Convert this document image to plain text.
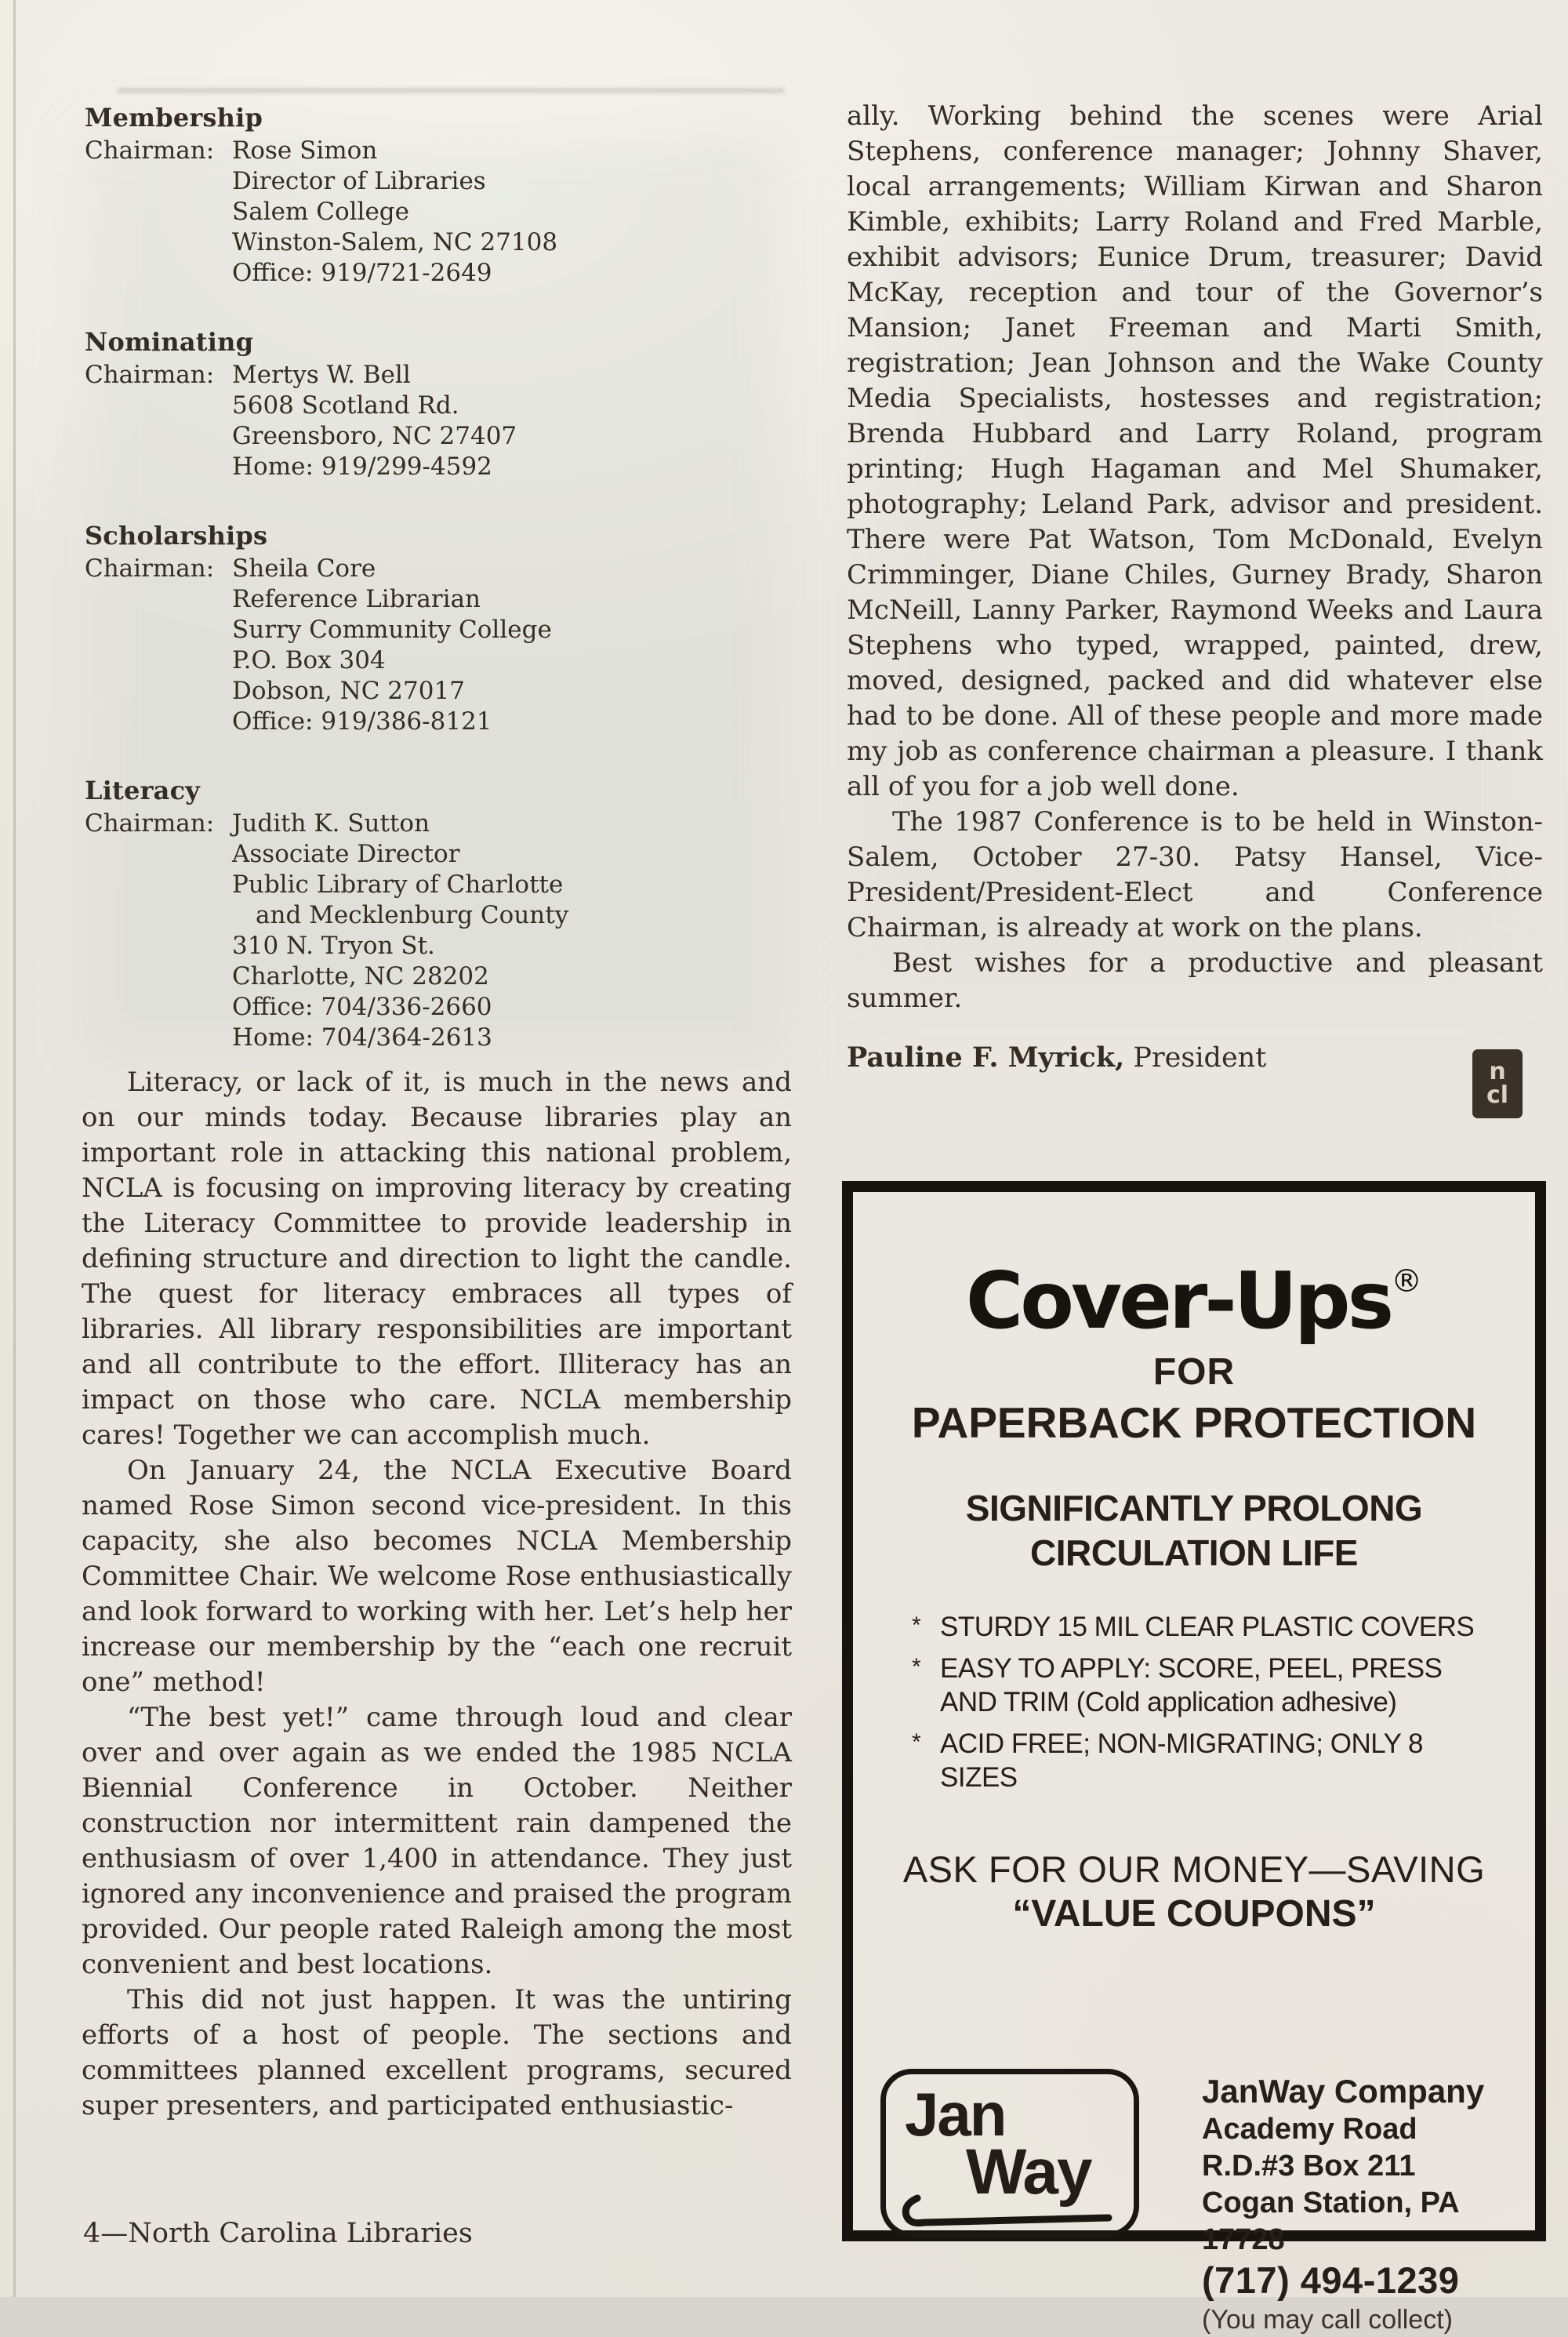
Membership
Chairman: Rose Simon
Director of Libraries
Salem College
Winston-Salem, NC 27108
Office: 919/721-2649
Nominating
Chairman: Mertys W. Bell
5608 Scotland Rd.
Greensboro, NC 27407
Home: 919/299-4592
Scholarships
Chairman: Sheila Core
Reference Librarian
Surry Community College
P.O. Box 304
Dobson, NC 27017
Office: 919/386-8121
Literacy
Chairman: Judith K. Sutton
Associate Director
Public Library of Charlotte
and Mecklenburg County
310 N. Tryon St.
Charlotte, NC 28202
Office: 704/336-2660
Home: 704/364-2613

Literacy, or lack of it, is much in the news and on our minds today. Because libraries play an important role in attacking this national problem, NCLA is focusing on improving literacy by creating the Literacy Committee to provide leadership in defining structure and direction to light the candle. The quest for literacy embraces all types of libraries. All library responsibilities are important and all contribute to the effort. Illiteracy has an impact on those who care. NCLA membership cares! Together we can accomplish much.

On January 24, the NCLA Executive Board named Rose Simon second vice-president. In this capacity, she also becomes NCLA Membership Committee Chair. We welcome Rose enthusiastically and look forward to working with her. Let’s help her increase our membership by the “each one recruit one” method!

“The best yet!” came through loud and clear over and over again as we ended the 1985 NCLA Biennial Conference in October. Neither construction nor intermittent rain dampened the enthusiasm of over 1,400 in attendance. They just ignored any inconvenience and praised the program provided. Our people rated Raleigh among the most convenient and best locations.

This did not just happen. It was the untiring efforts of a host of people. The sections and committees planned excellent programs, secured super presenters, and participated enthusiastic-

ally. Working behind the scenes were Arial Stephens, conference manager; Johnny Shaver, local arrangements; William Kirwan and Sharon Kimble, exhibits; Larry Roland and Fred Marble, exhibit advisors; Eunice Drum, treasurer; David McKay, reception and tour of the Governor’s Mansion; Janet Freeman and Marti Smith, registration; Jean Johnson and the Wake County Media Specialists, hostesses and registration; Brenda Hubbard and Larry Roland, program printing; Hugh Hagaman and Mel Shumaker, photography; Leland Park, advisor and president. There were Pat Watson, Tom McDonald, Evelyn Crimminger, Diane Chiles, Gurney Brady, Sharon McNeill, Lanny Parker, Raymond Weeks and Laura Stephens who typed, wrapped, painted, drew, moved, designed, packed and did whatever else had to be done. All of these people and more made my job as conference chairman a pleasure. I thank all of you for a job well done.

The 1987 Conference is to be held in Winston-Salem, October 27-30. Patsy Hansel, Vice-President/President-Elect and Conference Chairman, is already at work on the plans.

Best wishes for a productive and pleasant summer.

Pauline F. Myrick, President	n
cl
Cover-Ups®
FOR
PAPERBACK PROTECTION
SIGNIFICANTLY PROLONG
CIRCULATION LIFE
* STURDY 15 MIL CLEAR PLASTIC COVERS
* EASY TO APPLY: SCORE, PEEL, PRESS AND TRIM (Cold application adhesive)
* ACID FREE; NON-MIGRATING; ONLY 8 SIZES
ASK FOR OUR MONEY—SAVING
“VALUE COUPONS”
Jan
Way
JanWay Company
Academy Road
R.D.#3 Box 211
Cogan Station, PA 17728
(717) 494-1239
(You may call collect)
4—North Carolina Libraries
